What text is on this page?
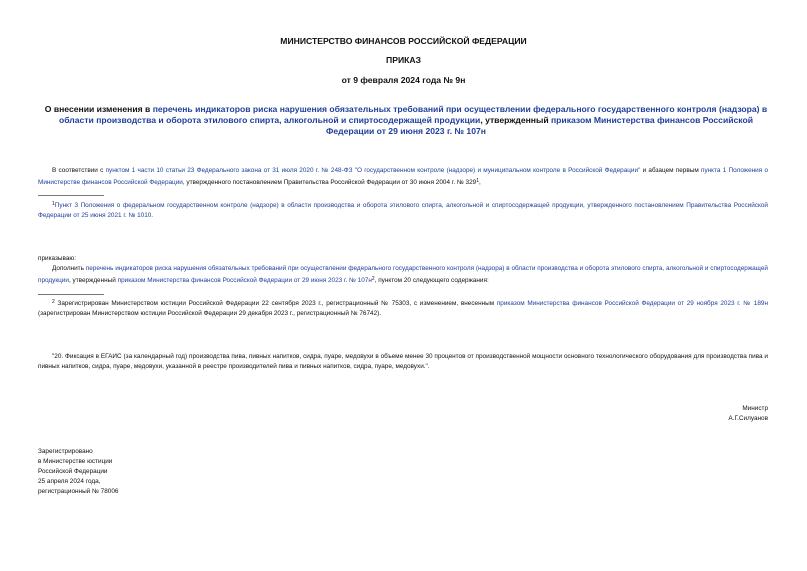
МИНИСТЕРСТВО ФИНАНСОВ РОССИЙСКОЙ ФЕДЕРАЦИИ
ПРИКАЗ
от 9 февраля 2024 года № 9н
О внесении изменения в перечень индикаторов риска нарушения обязательных требований при осуществлении федерального государственного контроля (надзора) в области производства и оборота этилового спирта, алкогольной и спиртосодержащей продукции, утвержденный приказом Министерства финансов Российской Федерации от 29 июня 2023 г. № 107н
В соответствии с пунктом 1 части 10 статьи 23 Федерального закона от 31 июля 2020 г. № 248-ФЗ "О государственном контроле (надзоре) и муниципальном контроле в Российской Федерации" и абзацем первым пункта 1 Положения о Министерстве финансов Российской Федерации, утвержденного постановлением Правительства Российской Федерации от 30 июня 2004 г. № $329^1$,
$^1$Пункт 3 Положения о федеральном государственном контроле (надзоре) в области производства и оборота этилового спирта, алкогольной и спиртосодержащей продукции, утвержденного постановлением Правительства Российской Федерации от 25 июня 2021 г. № 1010.
приказываю:
Дополнить перечень индикаторов риска нарушения обязательных требований при осуществлении федерального государственного контроля (надзора) в области производства и оборота этилового спирта, алкогольной и спиртосодержащей продукции, утвержденный приказом Министерства финансов Российской Федерации от 29 июня 2023 г. № $107н^2$, пунктом 20 следующего содержания:
$^2$ Зарегистрирован Министерством юстиции Российской Федерации 22 сентября 2023 г., регистрационный № 75303, с изменением, внесенным приказом Министерства финансов Российской Федерации от 29 ноября 2023 г. № 189н (зарегистрирован Министерством юстиции Российской Федерации 29 декабря 2023 г., регистрационный № 76742).
"20. Фиксация в ЕГАИС (за календарный год) производства пива, пивных напитков, сидра, пуаре, медовухи в объеме менее 30 процентов от производственной мощности основного технологического оборудования для производства пива и пивных напитков, сидра, пуаре, медовухи, указанной в реестре производителей пива и пивных напитков, сидра, пуаре, медовухи.".
Министр
А.Г.Силуанов
Зарегистрировано
в Министерстве юстиции
Российской Федерации
25 апреля 2024 года,
регистрационный № 78006
